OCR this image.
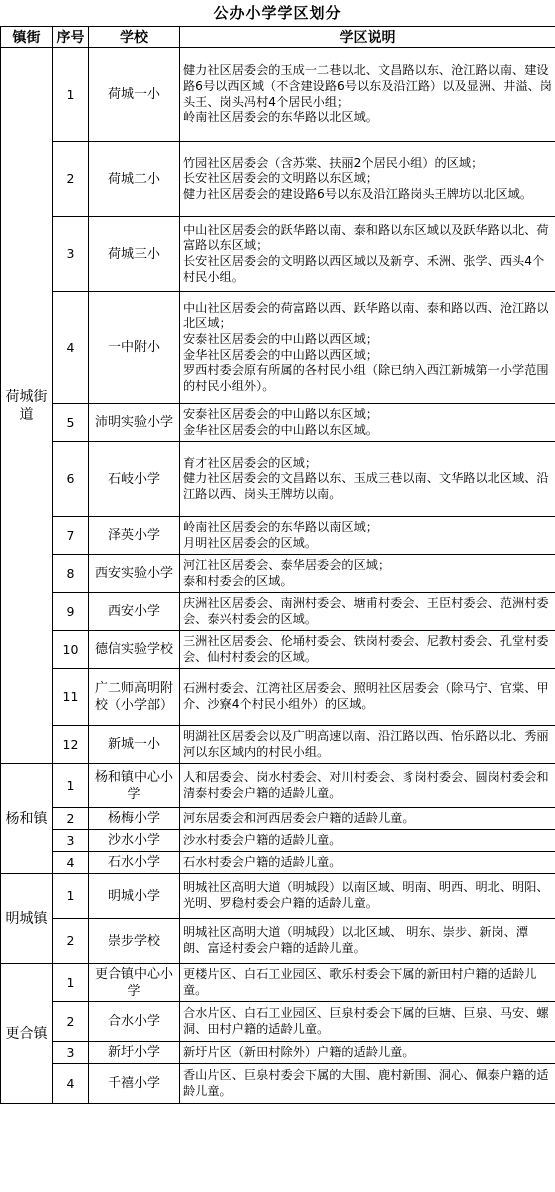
公办小学学区划分
镇街	序号	学校	学区说明
荷城街道	1	荷城一小	健力社区居委会的玉成一二巷以北、文昌路以东、沧江路以南、建设路6号以西区域（不含建设路6号以东及沿江路）以及显洲、井溢、岗头王、岗头冯村4个居民小组；
岭南社区居委会的东华路以北区域。
	2	荷城二小	竹园社区居委会（含苏棠、扶丽2个居民小组）的区域；
长安社区居委会的文明路以东区域；
健力社区居委会的建设路6号以东及沿江路岗头王牌坊以北区域。
	3	荷城三小	中山社区居委会的跃华路以南、泰和路以东区域以及跃华路以北、荷富路以东区域；
长安社区居委会的文明路以西区域以及新亨、禾洲、张学、西头4个村民小组。
	4	一中附小	中山社区居委会的荷富路以西、跃华路以南、泰和路以西、沧江路以北区域；
安泰社区居委会的中山路以西区域；
金华社区居委会的中山路以西区域；
罗西村委会原有所属的各村民小组（除已纳入西江新城第一小学范围的村民小组外）。
	5	沛明实验小学	安泰社区居委会的中山路以东区域；
金华社区居委会的中山路以东区域。
	6	石岐小学	育才社区居委会的区域；
健力社区居委会的文昌路以东、玉成三巷以南、文华路以北区域、沿江路以西、岗头王牌坊以南。
	7	泽英小学	岭南社区居委会的东华路以南区域；
月明社区居委会的区域。
	8	西安实验小学	河江社区居委会、泰华居委会的区域；
泰和村委会的区域。
	9	西安小学	庆洲社区居委会、南洲村委会、塘甫村委会、王臣村委会、范洲村委会、泰兴村委会的区域。
	10	德信实验学校	三洲社区居委会、伦埇村委会、铁岗村委会、尼教村委会、孔堂村委会、仙村村委会的区域。
	11	广二师高明附校（小学部）	石洲村委会、江湾社区居委会、照明社区居委会（除马宁、官棠、甲介、沙寮4个村民小组外）的区域。
	12	新城一小	明湖社区居委会以及广明高速以南、沿江路以西、怡乐路以北、秀丽河以东区域内的村民小组。
杨和镇	1	杨和镇中心小学	人和居委会、岗水村委会、对川村委会、豸岗村委会、圆岗村委会和清泰村委会户籍的适龄儿童。
	2	杨梅小学	河东居委会和河西居委会户籍的适龄儿童。
	3	沙水小学	沙水村委会户籍的适龄儿童。
	4	石水小学	石水村委会户籍的适龄儿童。
明城镇	1	明城小学	明城社区高明大道（明城段）以南区域、明南、明西、明北、明阳、光明、罗稳村委会户籍的适龄儿童。
	2	崇步学校	明城社区高明大道（明城段）以北区域、 明东、崇步、新岗、潭朗、富迳村委会户籍的适龄儿童。
更合镇	1	更合镇中心小学	更楼片区、白石工业园区、歌乐村委会下属的新田村户籍的适龄儿童。
	2	合水小学	合水片区、白石工业园区、巨泉村委会下属的巨塘、巨泉、马安、螺洞、田村户籍的适龄儿童。
	3	新圩小学	新圩片区（新田村除外）户籍的适龄儿童。
	4	千禧小学	香山片区、巨泉村委会下属的大围、鹿村新围、洞心、佩泰户籍的适龄儿童。
